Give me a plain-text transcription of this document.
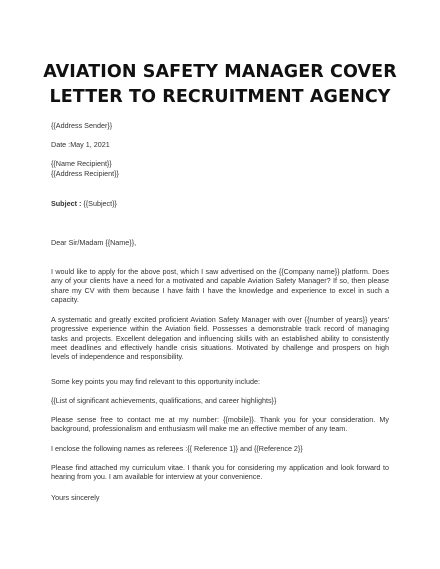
AVIATION SAFETY MANAGER COVER
LETTER TO RECRUITMENT AGENCY

{{Address Sender}}

Date :May 1, 2021

{{Name Recipient}}

{{Address Recipient}}

Subject : {{Subject}}

Dear Sir/Madam {{Name}},

I would like to apply for the above post, which I saw advertised on the {{Company name}} platform. Does any of your clients have a need for a motivated and capable Aviation Safety Manager? If so, then please share my CV with them because I have faith I have the knowledge and experience to excel in such a capacity.

A systematic and greatly excited proficient Aviation Safety Manager with over {{number of years}} years' progressive experience within the Aviation field. Possesses a demonstrable track record of managing tasks and projects. Excellent delegation and influencing skills with an established ability to consistently meet deadlines and effectively handle crisis situations. Motivated by challenge and prospers on high levels of independence and responsibility.

Some key points you may find relevant to this opportunity include:

{{List of significant achievements, qualifications, and career highlights}}

Please sense free to contact me at my number: {{mobile}}. Thank you for your consideration. My background, professionalism and enthusiasm will make me an effective member of any team.

I enclose the following names as referees :{{ Reference 1}} and {{Reference 2}}

Please find attached my curriculum vitae. I thank you for considering my application and look forward to hearing from you. I am available for interview at your convenience.

Yours sincerely
